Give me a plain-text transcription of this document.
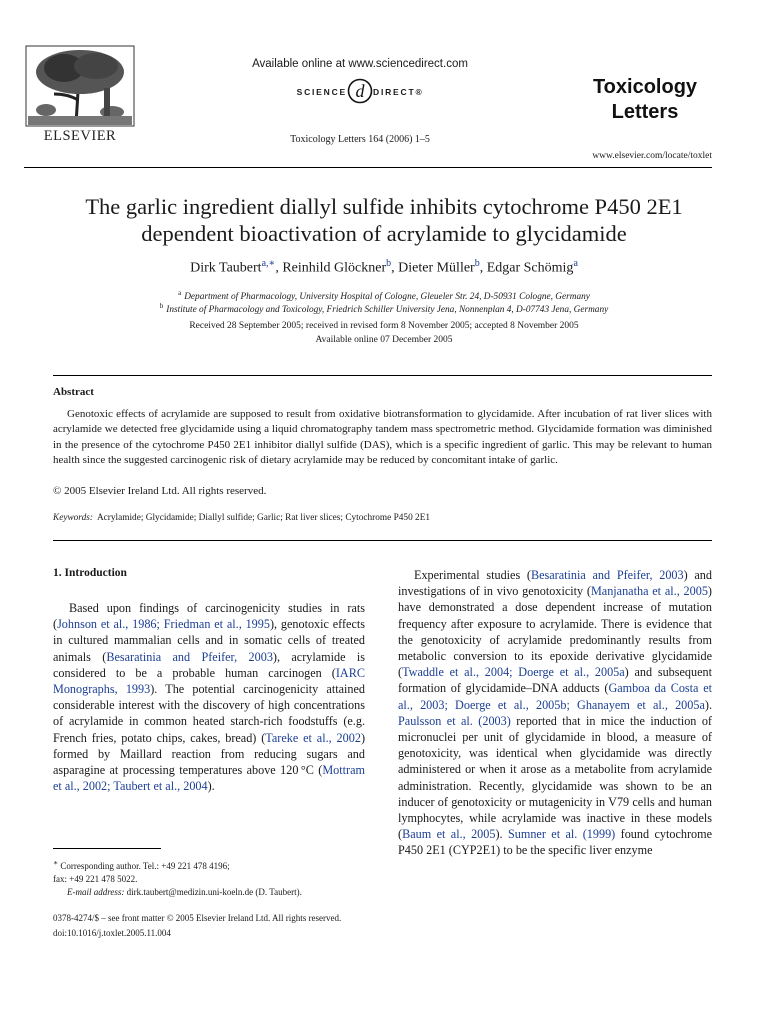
ELSEVIER
Available online at www.sciencedirect.com
SCIENCE d DIRECT®
Toxicology Letters 164 (2006) 1–5
Toxicology
Letters
www.elsevier.com/locate/toxlet
The garlic ingredient diallyl sulfide inhibits cytochrome P450 2E1
dependent bioactivation of acrylamide to glycidamide
Dirk Taubert$^{a,∗}$, Reinhild Glöckner$^b$, Dieter Müller$^b$, Edgar Schömig$^a$
$^a$ Department of Pharmacology, University Hospital of Cologne, Gleueler Str. 24, D-50931 Cologne, Germany
$^b$ Institute of Pharmacology and Toxicology, Friedrich Schiller University Jena, Nonnenplan 4, D-07743 Jena, Germany
Received 28 September 2005; received in revised form 8 November 2005; accepted 8 November 2005
Available online 07 December 2005
Abstract

Genotoxic effects of acrylamide are supposed to result from oxidative biotransformation to glycidamide. After incubation of rat liver slices with acrylamide we detected free glycidamide using a liquid chromatography tandem mass spectrometric method. Glycidamide formation was diminished in the presence of the cytochrome P450 2E1 inhibitor diallyl sulfide (DAS), which is a specific ingredient of garlic. This may be relevant to human health since the suggested carcinogenic risk of dietary acrylamide may be reduced by concomitant intake of garlic.

© 2005 Elsevier Ireland Ltd. All rights reserved.
Keywords: Acrylamide; Glycidamide; Diallyl sulfide; Garlic; Rat liver slices; Cytochrome P450 2E1
1. Introduction
Based upon findings of carcinogenicity studies in rats (Johnson et al., 1986; Friedman et al., 1995), genotoxic effects in cultured mammalian cells and in somatic cells of treated animals (Besaratinia and Pfeifer, 2003), acrylamide is considered to be a probable human carcinogen (IARC Monographs, 1993). The potential carcinogenicity attained considerable interest with the discovery of high concentrations of acrylamide in common heated starch-rich foodstuffs (e.g. French fries, potato chips, cakes, bread) (Tareke et al., 2002) formed by Maillard reaction from reducing sugars and asparagine at processing temperatures above 120 °C (Mottram et al., 2002; Taubert et al., 2004).
Experimental studies (Besaratinia and Pfeifer, 2003) and investigations of in vivo genotoxicity (Manjanatha et al., 2005) have demonstrated a dose dependent increase of mutation frequency after exposure to acrylamide. There is evidence that the genotoxicity of acrylamide predominantly results from metabolic conversion to its epoxide derivative glycidamide (Twaddle et al., 2004; Doerge et al., 2005a) and subsequent formation of glycidamide–DNA adducts (Gamboa da Costa et al., 2003; Doerge et al., 2005b; Ghanayem et al., 2005a). Paulsson et al. (2003) reported that in mice the induction of micronuclei per unit of glycidamide in blood, a measure of genotoxicity, was identical when glycidamide was directly administered or when it arose as a metabolite from acrylamide administration. Recently, glycidamide was shown to be an inducer of genotoxicity or mutagenicity in V79 cells and human lymphocytes, while acrylamide was inactive in these models (Baum et al., 2005). Sumner et al. (1999) found cytochrome P450 2E1 (CYP2E1) to be the specific liver enzyme
∗ Corresponding author. Tel.: +49 221 478 4196;
fax: +49 221 478 5022.
E-mail address: dirk.taubert@medizin.uni-koeln.de (D. Taubert).
0378-4274/$ – see front matter © 2005 Elsevier Ireland Ltd. All rights reserved.
doi:10.1016/j.toxlet.2005.11.004
